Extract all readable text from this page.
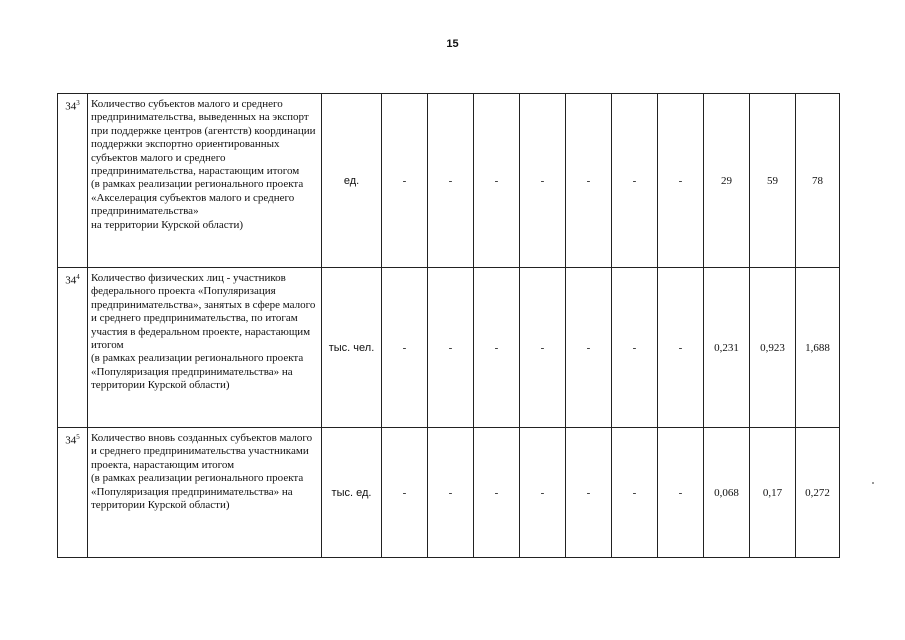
15
$34^3$	Количество субъектов малого и среднего предпринимательства, выведенных на экспорт при поддержке центров (агентств) координации поддержки экспортно ориентированных субъектов малого и среднего предпринимательства, нарастающим итогом
(в рамках реализации регионального проекта «Акселерация субъектов малого и среднего предпринимательства»
на территории Курской области)	ед.	-	-	-	-	-	-	-	29	59	78
$34^4$	Количество физических лиц - участников федерального проекта «Популяризация предпринимательства», занятых в сфере малого и среднего предпринимательства, по итогам участия в федеральном проекте, нарастающим итогом
(в рамках реализации регионального проекта «Популяризация предпринимательства» на территории Курской области)	тыс. чел.	-	-	-	-	-	-	-	0,231	0,923	1,688
$34^5$	Количество вновь созданных субъектов малого и среднего предпринимательства участниками проекта, нарастающим итогом
(в рамках реализации регионального проекта «Популяризация предпринимательства» на территории Курской области)	тыс. ед.	-	-	-	-	-	-	-	0,068	0,17	0,272
